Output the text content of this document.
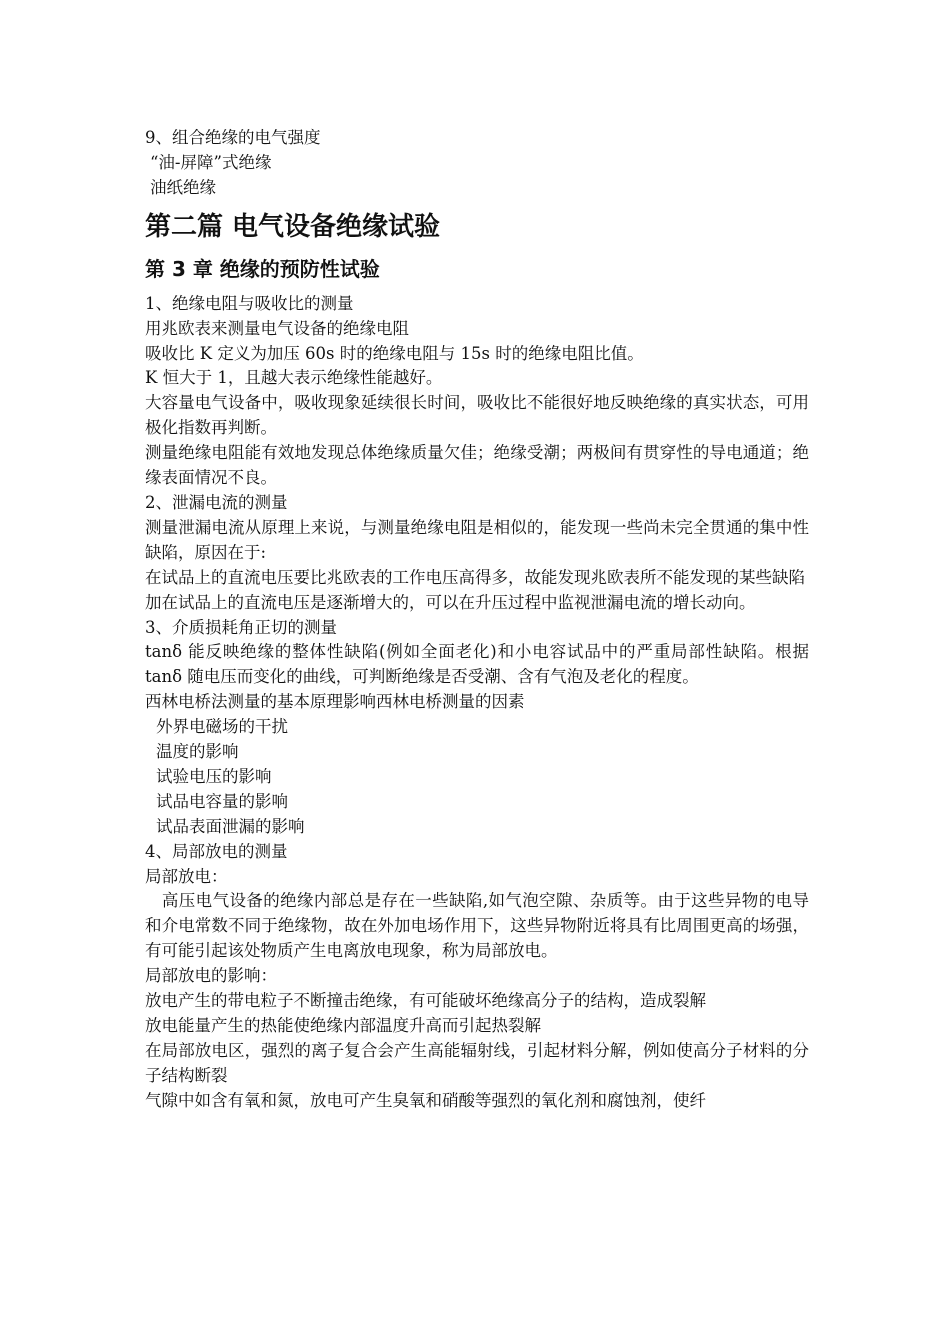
9、组合绝缘的电气强度
“油-屏障”式绝缘
油纸绝缘
第二篇 电气设备绝缘试验
第 3 章 绝缘的预防性试验
1、绝缘电阻与吸收比的测量
用兆欧表来测量电气设备的绝缘电阻
吸收比 K 定义为加压 60s 时的绝缘电阻与 15s 时的绝缘电阻比值。
K 恒大于 1，且越大表示绝缘性能越好。
大容量电气设备中，吸收现象延续很长时间，吸收比不能很好地反映绝缘的真实状态，可用极化指数再判断。
测量绝缘电阻能有效地发现总体绝缘质量欠佳；绝缘受潮；两极间有贯穿性的导电通道；绝缘表面情况不良。
2、泄漏电流的测量
测量泄漏电流从原理上来说，与测量绝缘电阻是相似的，能发现一些尚未完全贯通的集中性缺陷，原因在于:
在试品上的直流电压要比兆欧表的工作电压高得多，故能发现兆欧表所不能发现的某些缺陷
加在试品上的直流电压是逐渐增大的，可以在升压过程中监视泄漏电流的增长动向。
3、介质损耗角正切的测量
tanδ 能反映绝缘的整体性缺陷(例如全面老化)和小电容试品中的严重局部性缺陷。根据 tanδ 随电压而变化的曲线，可判断绝缘是否受潮、含有气泡及老化的程度。
西林电桥法测量的基本原理影响西林电桥测量的因素
外界电磁场的干扰
温度的影响
试验电压的影响
试品电容量的影响
试品表面泄漏的影响
4、局部放电的测量
局部放电：
高压电气设备的绝缘内部总是存在一些缺陷,如气泡空隙、杂质等。由于这些异物的电导和介电常数不同于绝缘物，故在外加电场作用下，这些异物附近将具有比周围更高的场强，有可能引起该处物质产生电离放电现象，称为局部放电。
局部放电的影响：
放电产生的带电粒子不断撞击绝缘，有可能破坏绝缘高分子的结构，造成裂解
放电能量产生的热能使绝缘内部温度升高而引起热裂解
在局部放电区，强烈的离子复合会产生高能辐射线，引起材料分解，例如使高分子材料的分子结构断裂
气隙中如含有氧和氮，放电可产生臭氧和硝酸等强烈的氧化剂和腐蚀剂，使纤
